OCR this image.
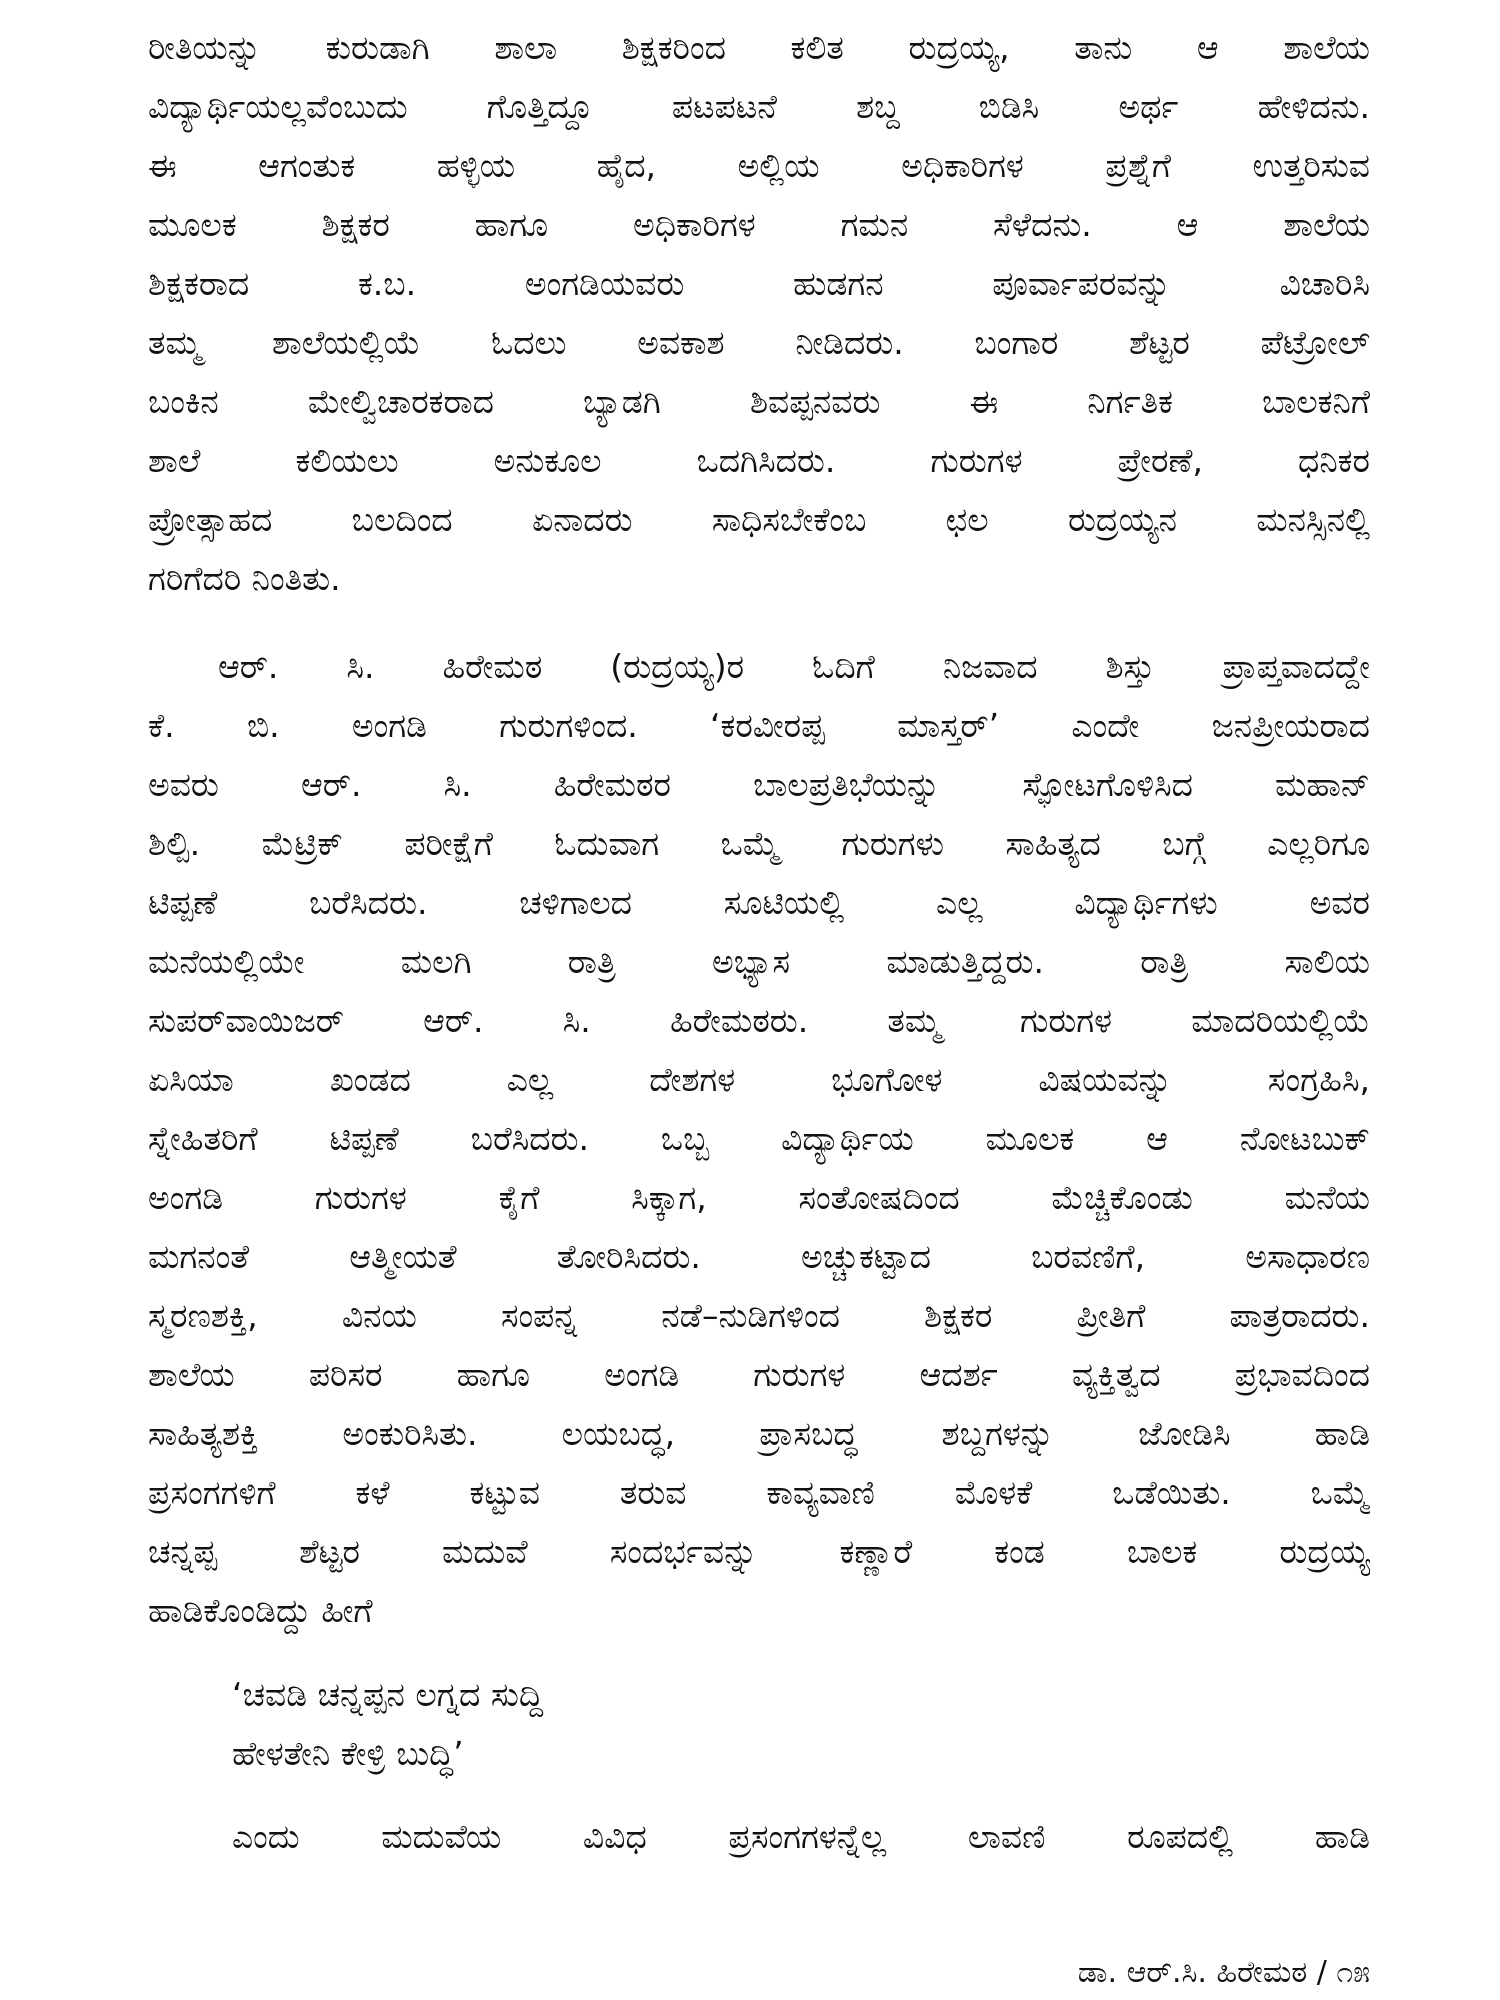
ರೀತಿಯನ್ನು ಕುರುಡಾಗಿ ಶಾಲಾ ಶಿಕ್ಷಕರಿಂದ ಕಲಿತ ರುದ್ರಯ್ಯ, ತಾನು ಆ ಶಾಲೆಯ
ವಿದ್ಯಾರ್ಥಿಯಲ್ಲವೆಂಬುದು ಗೊತ್ತಿದ್ದೂ ಪಟಪಟನೆ ಶಬ್ದ ಬಿಡಿಸಿ ಅರ್ಥ ಹೇಳಿದನು.
ಈ ಆಗಂತುಕ ಹಳ್ಳಿಯ ಹೈದ, ಅಲ್ಲಿಯ ಅಧಿಕಾರಿಗಳ ಪ್ರಶ್ನೆಗೆ ಉತ್ತರಿಸುವ
ಮೂಲಕ ಶಿಕ್ಷಕರ ಹಾಗೂ ಅಧಿಕಾರಿಗಳ ಗಮನ ಸೆಳೆದನು. ಆ ಶಾಲೆಯ
ಶಿಕ್ಷಕರಾದ ಕ.ಬ. ಅಂಗಡಿಯವರು ಹುಡಗನ ಪೂರ್ವಾಪರವನ್ನು ವಿಚಾರಿಸಿ
ತಮ್ಮ ಶಾಲೆಯಲ್ಲಿಯೆ ಓದಲು ಅವಕಾಶ ನೀಡಿದರು. ಬಂಗಾರ ಶೆಟ್ಟರ ಪೆಟ್ರೋಲ್
ಬಂಕಿನ ಮೇಲ್ವಿಚಾರಕರಾದ ಬ್ಯಾಡಗಿ ಶಿವಪ್ಪನವರು ಈ ನಿರ್ಗತಿಕ ಬಾಲಕನಿಗೆ
ಶಾಲೆ ಕಲಿಯಲು ಅನುಕೂಲ ಒದಗಿಸಿದರು. ಗುರುಗಳ ಪ್ರೇರಣೆ, ಧನಿಕರ
ಪ್ರೋತ್ಸಾಹದ ಬಲದಿಂದ ಏನಾದರು ಸಾಧಿಸಬೇಕೆಂಬ ಛಲ ರುದ್ರಯ್ಯನ ಮನಸ್ಸಿನಲ್ಲಿ
ಗರಿಗೆದರಿ ನಿಂತಿತು.
ಆರ್. ಸಿ. ಹಿರೇಮಠ (ರುದ್ರಯ್ಯ)ರ ಓದಿಗೆ ನಿಜವಾದ ಶಿಸ್ತು ಪ್ರಾಪ್ತವಾದದ್ದೇ
ಕೆ. ಬಿ. ಅಂಗಡಿ ಗುರುಗಳಿಂದ. ‘ಕರವೀರಪ್ಪ ಮಾಸ್ತರ್’ ಎಂದೇ ಜನಪ್ರೀಯರಾದ
ಅವರು ಆರ್. ಸಿ. ಹಿರೇಮಠರ ಬಾಲಪ್ರತಿಭೆಯನ್ನು ಸ್ಫೋಟಗೊಳಿಸಿದ ಮಹಾನ್
ಶಿಲ್ಪಿ. ಮೆಟ್ರಿಕ್ ಪರೀಕ್ಷೆಗೆ ಓದುವಾಗ ಒಮ್ಮೆ ಗುರುಗಳು ಸಾಹಿತ್ಯದ ಬಗ್ಗೆ ಎಲ್ಲರಿಗೂ
ಟಿಪ್ಪಣೆ ಬರೆಸಿದರು. ಚಳಿಗಾಲದ ಸೂಟಿಯಲ್ಲಿ ಎಲ್ಲ ವಿದ್ಯಾರ್ಥಿಗಳು ಅವರ
ಮನೆಯಲ್ಲಿಯೇ ಮಲಗಿ ರಾತ್ರಿ ಅಭ್ಯಾಸ ಮಾಡುತ್ತಿದ್ದರು. ರಾತ್ರಿ ಸಾಲಿಯ
ಸುಪರ್‌ವಾಯಿಜರ್ ಆರ್. ಸಿ. ಹಿರೇಮಠರು. ತಮ್ಮ ಗುರುಗಳ ಮಾದರಿಯಲ್ಲಿಯೆ
ಏಸಿಯಾ ಖಂಡದ ಎಲ್ಲ ದೇಶಗಳ ಭೂಗೋಳ ವಿಷಯವನ್ನು ಸಂಗ್ರಹಿಸಿ,
ಸ್ನೇಹಿತರಿಗೆ ಟಿಪ್ಪಣೆ ಬರೆಸಿದರು. ಒಬ್ಬ ವಿದ್ಯಾರ್ಥಿಯ ಮೂಲಕ ಆ ನೋಟಬುಕ್
ಅಂಗಡಿ ಗುರುಗಳ ಕೈಗೆ ಸಿಕ್ಕಾಗ, ಸಂತೋಷದಿಂದ ಮೆಚ್ಚಿಕೊಂಡು ಮನೆಯ
ಮಗನಂತೆ ಆತ್ಮೀಯತೆ ತೋರಿಸಿದರು. ಅಚ್ಚುಕಟ್ಟಾದ ಬರವಣಿಗೆ, ಅಸಾಧಾರಣ
ಸ್ಮರಣಶಕ್ತಿ, ವಿನಯ ಸಂಪನ್ನ ನಡೆ–ನುಡಿಗಳಿಂದ ಶಿಕ್ಷಕರ ಪ್ರೀತಿಗೆ ಪಾತ್ರರಾದರು.
ಶಾಲೆಯ ಪರಿಸರ ಹಾಗೂ ಅಂಗಡಿ ಗುರುಗಳ ಆದರ್ಶ ವ್ಯಕ್ತಿತ್ವದ ಪ್ರಭಾವದಿಂದ
ಸಾಹಿತ್ಯಶಕ್ತಿ ಅಂಕುರಿಸಿತು. ಲಯಬದ್ಧ, ಪ್ರಾಸಬದ್ಧ ಶಬ್ದಗಳನ್ನು ಜೋಡಿಸಿ ಹಾಡಿ
ಪ್ರಸಂಗಗಳಿಗೆ ಕಳೆ ಕಟ್ಟುವ ತರುವ ಕಾವ್ಯವಾಣಿ ಮೊಳಕೆ ಒಡೆಯಿತು. ಒಮ್ಮೆ
ಚನ್ನಪ್ಪ ಶೆಟ್ಟರ ಮದುವೆ ಸಂದರ್ಭವನ್ನು ಕಣ್ಣಾರೆ ಕಂಡ ಬಾಲಕ ರುದ್ರಯ್ಯ
ಹಾಡಿಕೊಂಡಿದ್ದು ಹೀಗೆ
‘ಚವಡಿ ಚನ್ನಪ್ಪನ ಲಗ್ನದ ಸುದ್ದಿ
ಹೇಳತೇನಿ ಕೇಳ್ರಿ ಬುದ್ಧಿ’
ಎಂದು ಮದುವೆಯ ವಿವಿಧ ಪ್ರಸಂಗಗಳನ್ನೆಲ್ಲ ಲಾವಣಿ ರೂಪದಲ್ಲಿ ಹಾಡಿ
ಡಾ. ಆರ್.ಸಿ. ಹಿರೇಮಠ / ೧೫
